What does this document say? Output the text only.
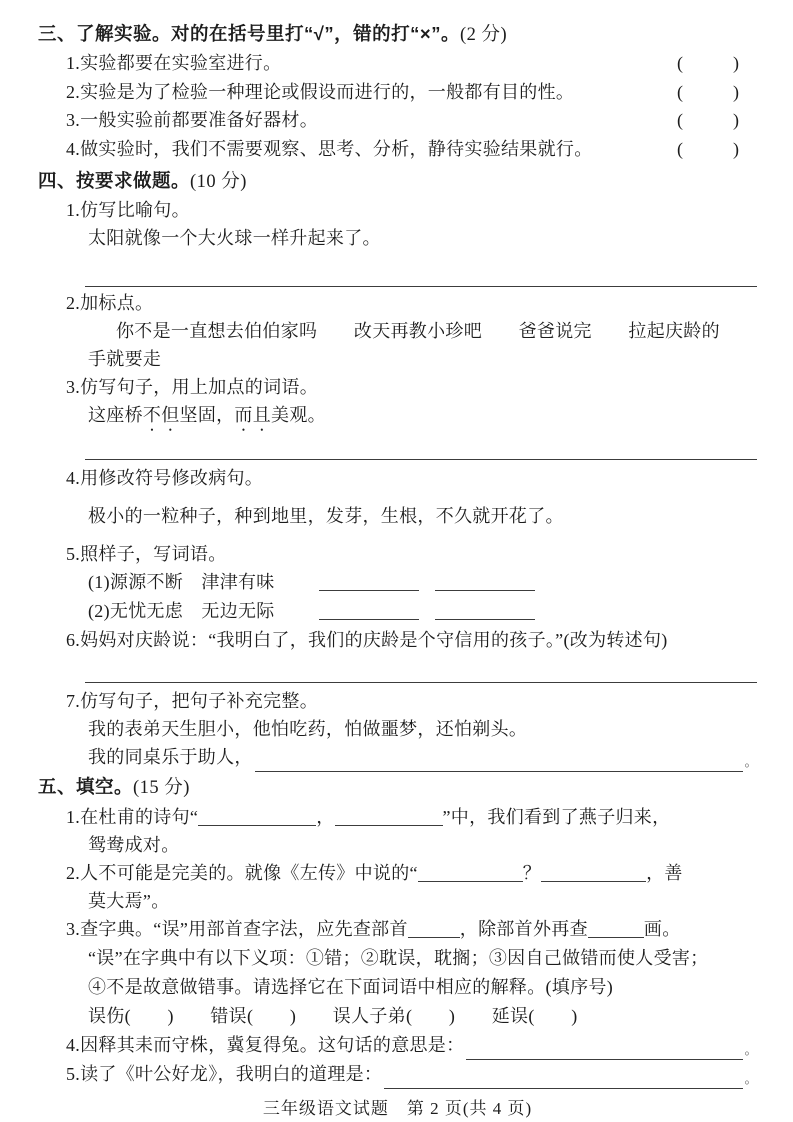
三、了解实验。对的在括号里打“√”，错的打“×”。(2 分)
1.实验都要在实验室进行。	(	)
2.实验是为了检验一种理论或假设而进行的，一般都有目的性。	(	)
3.一般实验前都要准备好器材。	(	)
4.做实验时，我们不需要观察、思考、分析，静待实验结果就行。	(	)
四、按要求做题。(10 分)
1.仿写比喻句。
太阳就像一个大火球一样升起来了。
2.加标点。
你不是一直想去伯伯家吗　　改天再教小珍吧　　爸爸说完　　拉起庆龄的
手就要走
3.仿写句子，用上加点的词语。
这座桥不但坚固，而且美观。
4.用修改符号修改病句。
极小的一粒种子，种到地里，发芽，生根，不久就开花了。
5.照样子，写词语。
(1)源源不断　津津有味
(2)无忧无虑　无边无际
6.妈妈对庆龄说：“我明白了，我们的庆龄是个守信用的孩子。”(改为转述句)
7.仿写句子，把句子补充完整。
我的表弟天生胆小，他怕吃药，怕做噩梦，还怕剃头。
我的同桌乐于助人，	。
五、填空。(15 分)
1.在杜甫的诗句“	，	”中，我们看到了燕子归来，
鸳鸯成对。
2.人不可能是完美的。就像《左传》中说的“	？	，善
莫大焉”。
3.查字典。“误”用部首查字法，应先查部首	，除部首外再查	画。
“误”在字典中有以下义项：①错；②耽误，耽搁；③因自己做错而使人受害；
④不是故意做错事。请选择它在下面词语中相应的解释。(填序号)
误伤(　　)　　错误(　　)　　误人子弟(　　)　　延误(　　)
4.因释其耒而守株，冀复得兔。这句话的意思是：	。
5.读了《叶公好龙》，我明白的道理是：	。
三年级语文试题　第 2 页(共 4 页)
